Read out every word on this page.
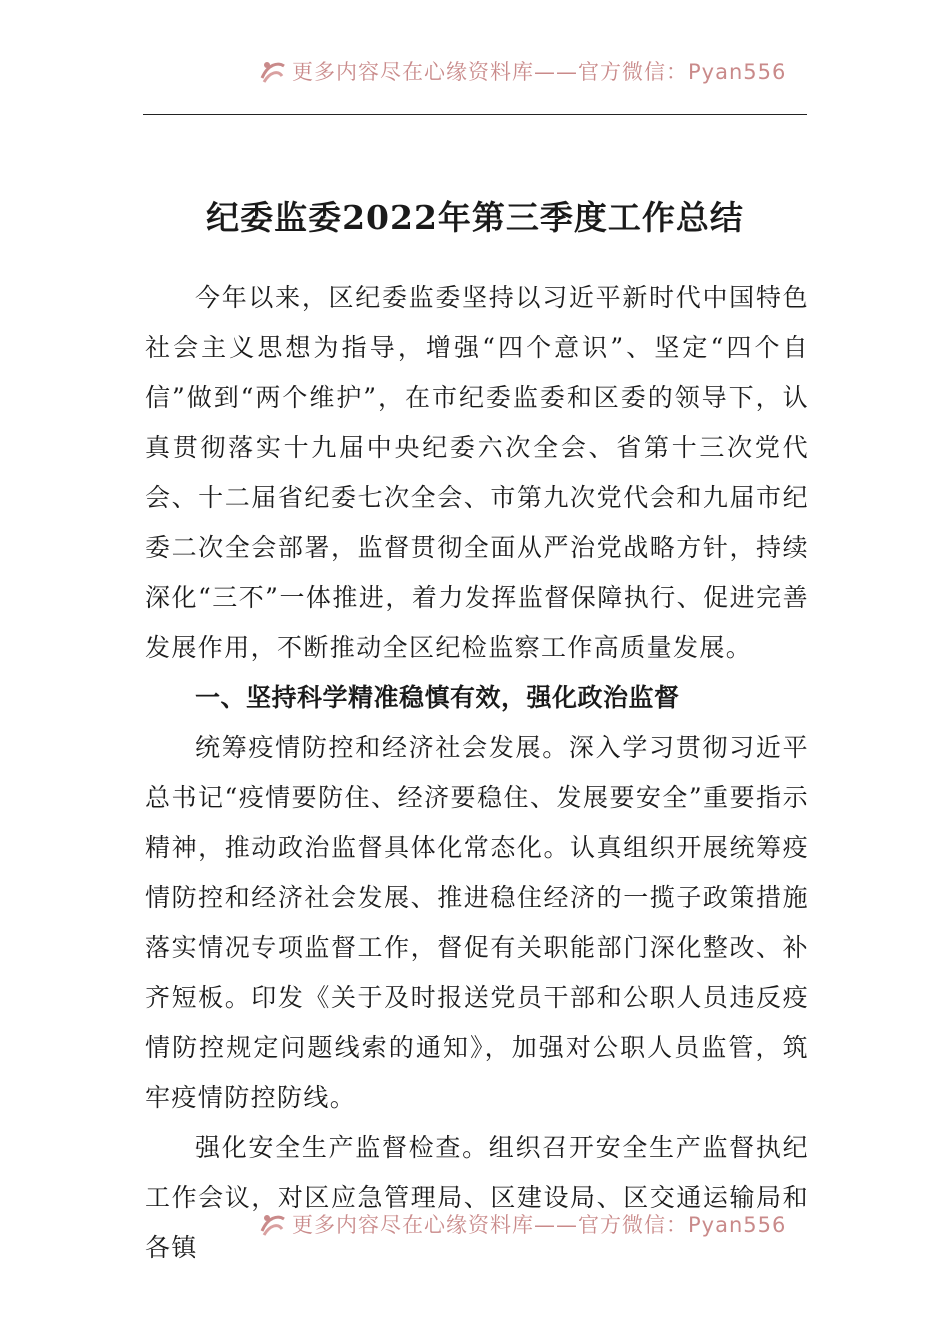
更多内容尽在心缘资料库——官方微信：Pyan556
纪委监委2022年第三季度工作总结

今年以来，区纪委监委坚持以习近平新时代中国特色社会主义思想为指导，增强“四个意识”、坚定“四个自信”做到“两个维护”，在市纪委监委和区委的领导下，认真贯彻落实十九届中央纪委六次全会、省第十三次党代会、十二届省纪委七次全会、市第九次党代会和九届市纪委二次全会部署，监督贯彻全面从严治党战略方针，持续深化“三不”一体推进，着力发挥监督保障执行、促进完善发展作用，不断推动全区纪检监察工作高质量发展。

一、坚持科学精准稳慎有效，强化政治监督

统筹疫情防控和经济社会发展。深入学习贯彻习近平总书记“疫情要防住、经济要稳住、发展要安全”重要指示精神，推动政治监督具体化常态化。认真组织开展统筹疫情防控和经济社会发展、推进稳住经济的一揽子政策措施落实情况专项监督工作，督促有关职能部门深化整改、补齐短板。印发《关于及时报送党员干部和公职人员违反疫情防控规定问题线索的通知》，加强对公职人员监管，筑牢疫情防控防线。

强化安全生产监督检查。组织召开安全生产监督执纪工作会议，对区应急管理局、区建设局、区交通运输局和各镇

更多内容尽在心缘资料库——官方微信：Pyan556
